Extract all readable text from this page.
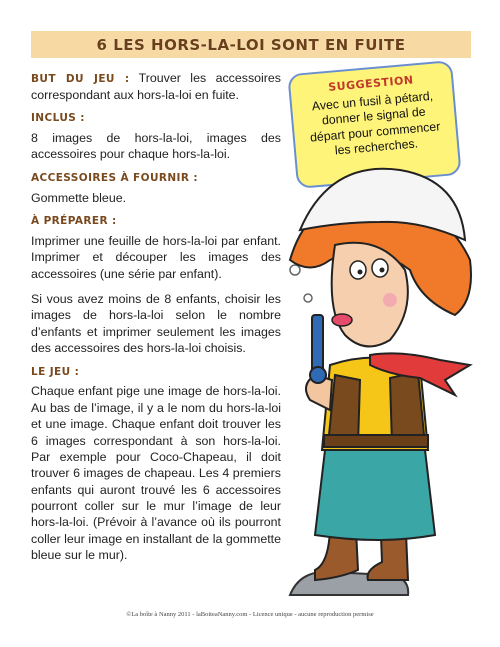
6 LES HORS-LA-LOI SONT EN FUITE

BUT DU JEU : Trouver les accessoires correspondant aux hors-la-loi en fuite.

INCLUS :

8 images de hors-la-loi, images des accessoires pour chaque hors-la-loi.

ACCESSOIRES À FOURNIR :

Gommette bleue.

À PRÉPARER :

Imprimer une feuille de hors-la-loi par enfant. Imprimer et découper les images des accessoires (une série par enfant).

Si vous avez moins de 8 enfants, choisir les images de hors-la-loi selon le nombre d’enfants et imprimer seulement les images des accessoires des hors-la-loi choisis.

LE JEU :

Chaque enfant pige une image de hors-la-loi. Au bas de l’image, il y a le nom du hors-la-loi et une image. Chaque enfant doit trouver les 6 images correspondant à son hors-la-loi. Par exemple pour Coco-Chapeau, il doit trouver 6 images de chapeau. Les 4 premiers enfants qui auront trouvé les 6 accessoires pourront coller sur le mur l’image de leur hors-la-loi. (Prévoir à l’avance où ils pourront coller leur image en installant de la gommette bleue sur le mur).

SUGGESTION
Avec un fusil à pétard, donner le signal de départ pour commencer les recherches.
©La boîte à Nanny 2011 - laBoiteaNanny.com - Licence unique - aucune reproduction permise
